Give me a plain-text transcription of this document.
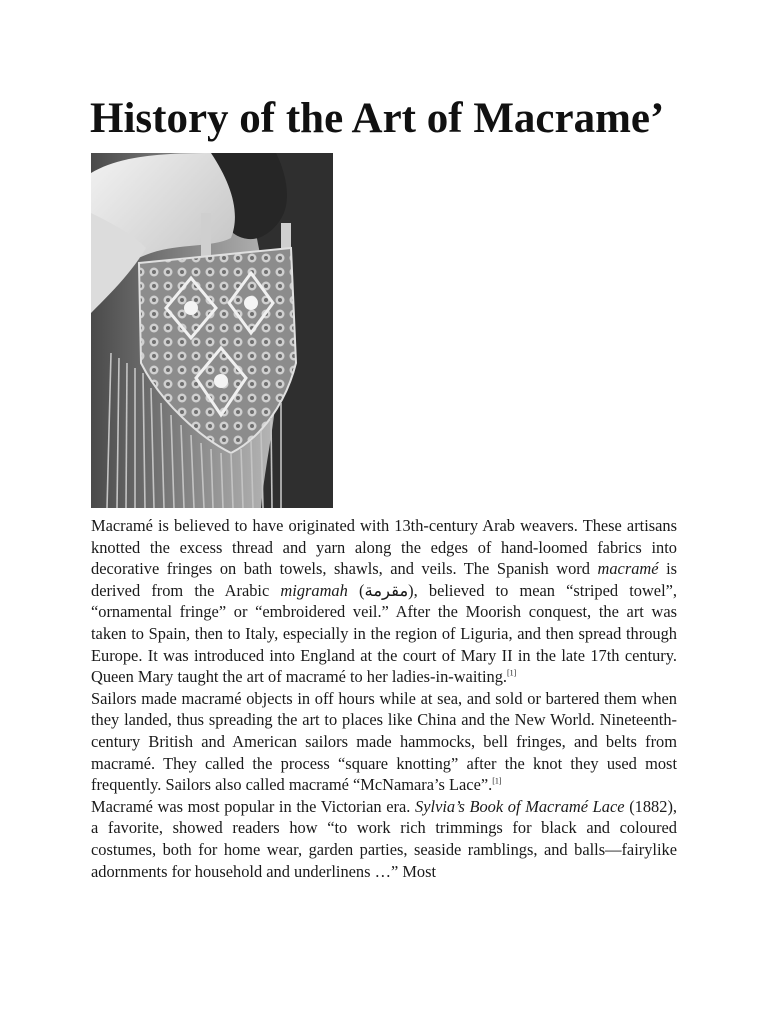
History of the Art of Macrame’

Macramé is believed to have originated with 13th-century Arab weavers. These artisans knotted the excess thread and yarn along the edges of hand-loomed fabrics into decorative fringes on bath towels, shawls, and veils. The Spanish word macramé is derived from the Arabic migramah (مقرمة), believed to mean “striped towel”, “ornamental fringe” or “embroidered veil.” After the Moorish conquest, the art was taken to Spain, then to Italy, especially in the region of Liguria, and then spread through Europe. It was introduced into England at the court of Mary II in the late 17th century. Queen Mary taught the art of macramé to her ladies-in-waiting.[1]

Sailors made macramé objects in off hours while at sea, and sold or bartered them when they landed, thus spreading the art to places like China and the New World. Nineteenth-century British and American sailors made hammocks, bell fringes, and belts from macramé. They called the process “square knotting” after the knot they used most frequently. Sailors also called macramé “McNamara’s Lace”.[1]

Macramé was most popular in the Victorian era. Sylvia’s Book of Macramé Lace (1882), a favorite, showed readers how “to work rich trimmings for black and coloured costumes, both for home wear, garden parties, seaside ramblings, and balls—fairylike adornments for household and underlinens …” Most
